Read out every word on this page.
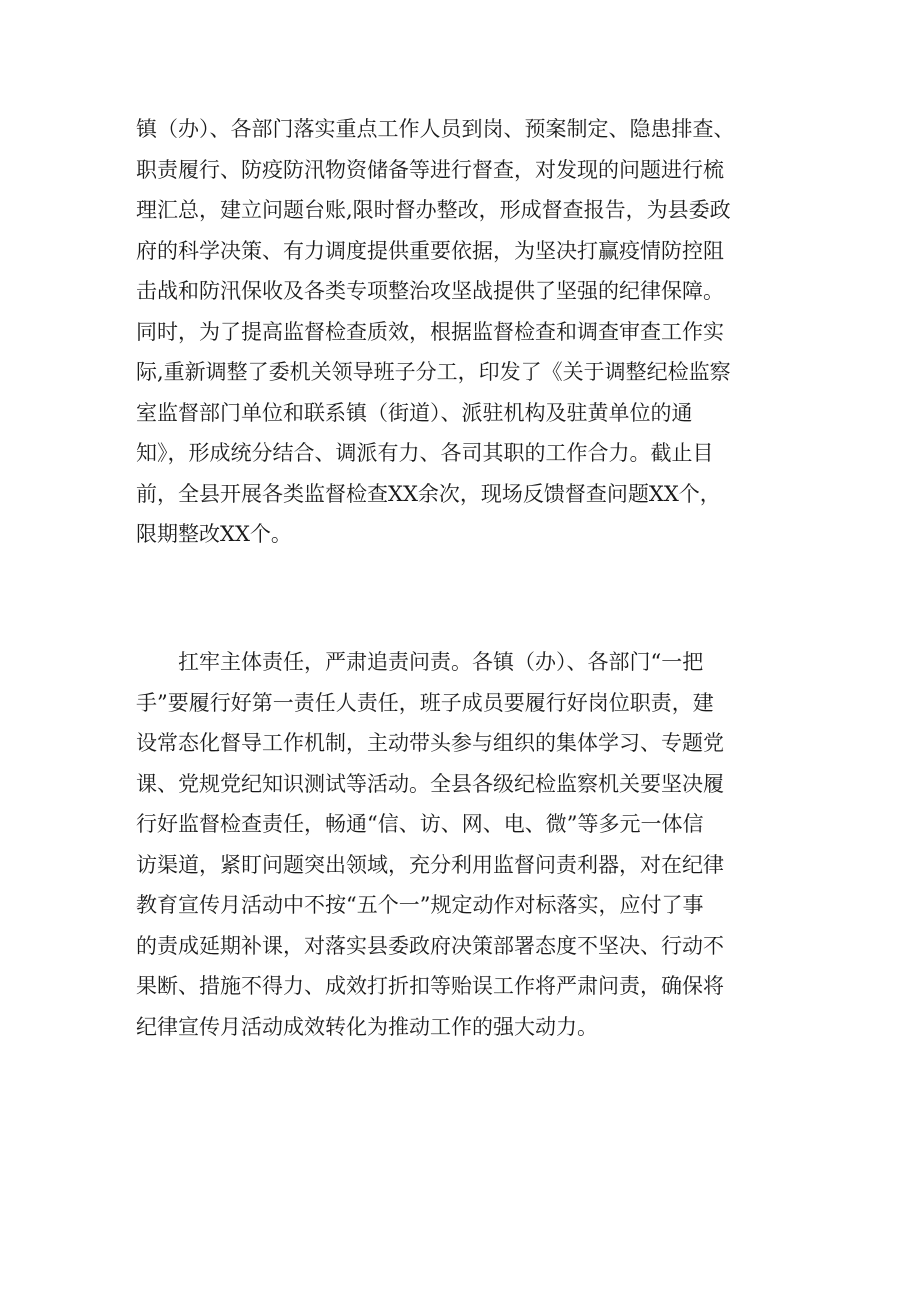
镇（办）、各部门落实重点工作人员到岗、预案制定、隐患排查、
职责履行、防疫防汛物资储备等进行督查，对发现的问题进行梳
理汇总，建立问题台账,限时督办整改，形成督查报告，为县委政
府的科学决策、有力调度提供重要依据，为坚决打赢疫情防控阻
击战和防汛保收及各类专项整治攻坚战提供了坚强的纪律保障。
同时，为了提高监督检查质效，根据监督检查和调查审查工作实
际,重新调整了委机关领导班子分工，印发了《关于调整纪检监察
室监督部门单位和联系镇（街道）、派驻机构及驻黄单位的通
知》，形成统分结合、调派有力、各司其职的工作合力。截止目
前，全县开展各类监督检查XX余次，现场反馈督查问题XX个，
限期整改XX个。
扛牢主体责任，严肃追责问责。各镇（办）、各部门“一把
手”要履行好第一责任人责任，班子成员要履行好岗位职责，建
设常态化督导工作机制，主动带头参与组织的集体学习、专题党
课、党规党纪知识测试等活动。全县各级纪检监察机关要坚决履
行好监督检查责任，畅通“信、访、网、电、微”等多元一体信
访渠道，紧盯问题突出领域，充分利用监督问责利器，对在纪律
教育宣传月活动中不按“五个一”规定动作对标落实，应付了事
的责成延期补课，对落实县委政府决策部署态度不坚决、行动不
果断、措施不得力、成效打折扣等贻误工作将严肃问责，确保将
纪律宣传月活动成效转化为推动工作的强大动力。
